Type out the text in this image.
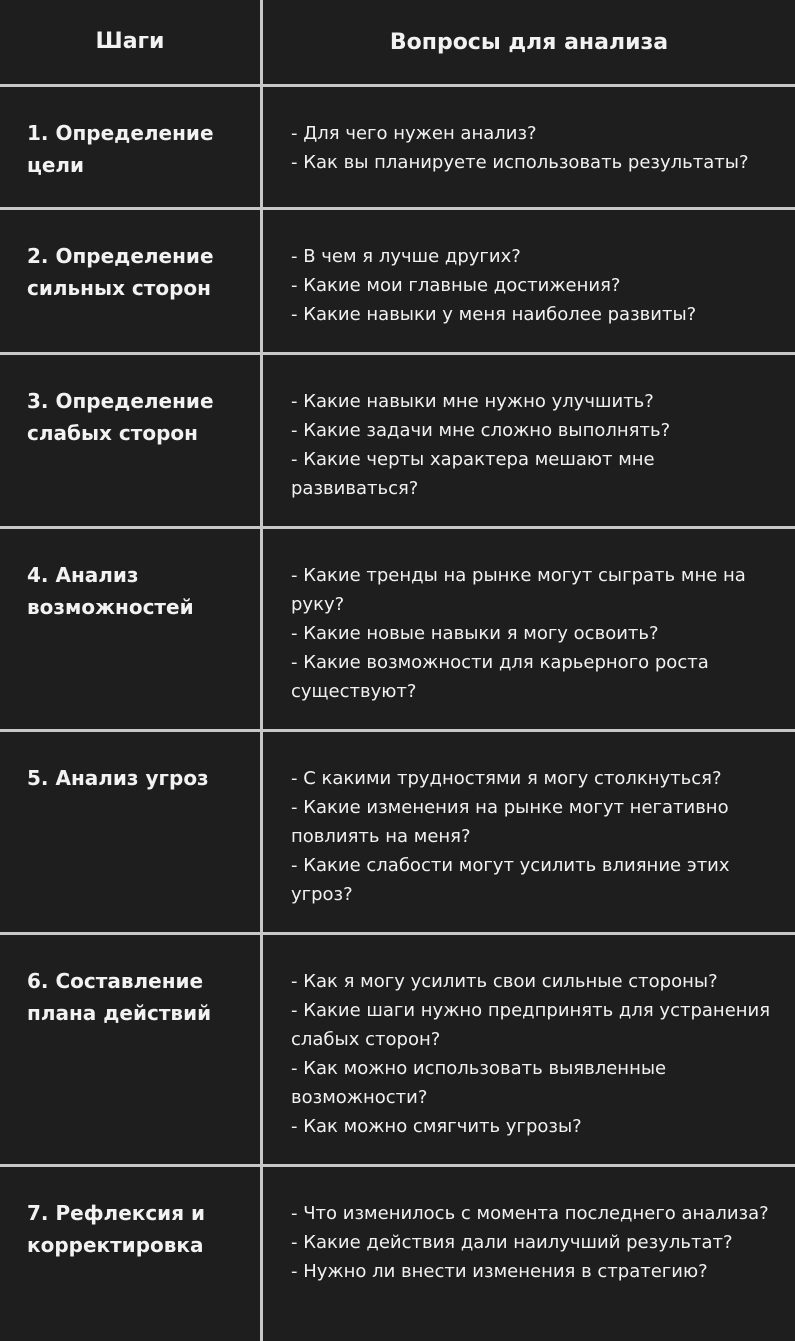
Шаги	Вопросы для анализа
1. Определение цели
- Для чего нужен анализ?
- Как вы планируете использовать результаты?
2. Определение сильных сторон
- В чем я лучше других?
- Какие мои главные достижения?
- Какие навыки у меня наиболее развиты?
3. Определение слабых сторон
- Какие навыки мне нужно улучшить?
- Какие задачи мне сложно выполнять?
- Какие черты характера мешают мне развиваться?
4. Анализ возможностей
- Какие тренды на рынке могут сыграть мне на руку?
- Какие новые навыки я могу освоить?
- Какие возможности для карьерного роста существуют?
5. Анализ угроз	- С какими трудностями я могу столкнуться?
- Какие изменения на рынке могут негативно повлиять на меня?
- Какие слабости могут усилить влияние этих угроз?
6. Составление плана действий
- Как я могу усилить свои сильные стороны?
- Какие шаги нужно предпринять для устранения слабых сторон?
- Как можно использовать выявленные возможности?
- Как можно смягчить угрозы?
7. Рефлексия и корректировка
- Что изменилось с момента последнего анализа?
- Какие действия дали наилучший результат?
- Нужно ли внести изменения в стратегию?
